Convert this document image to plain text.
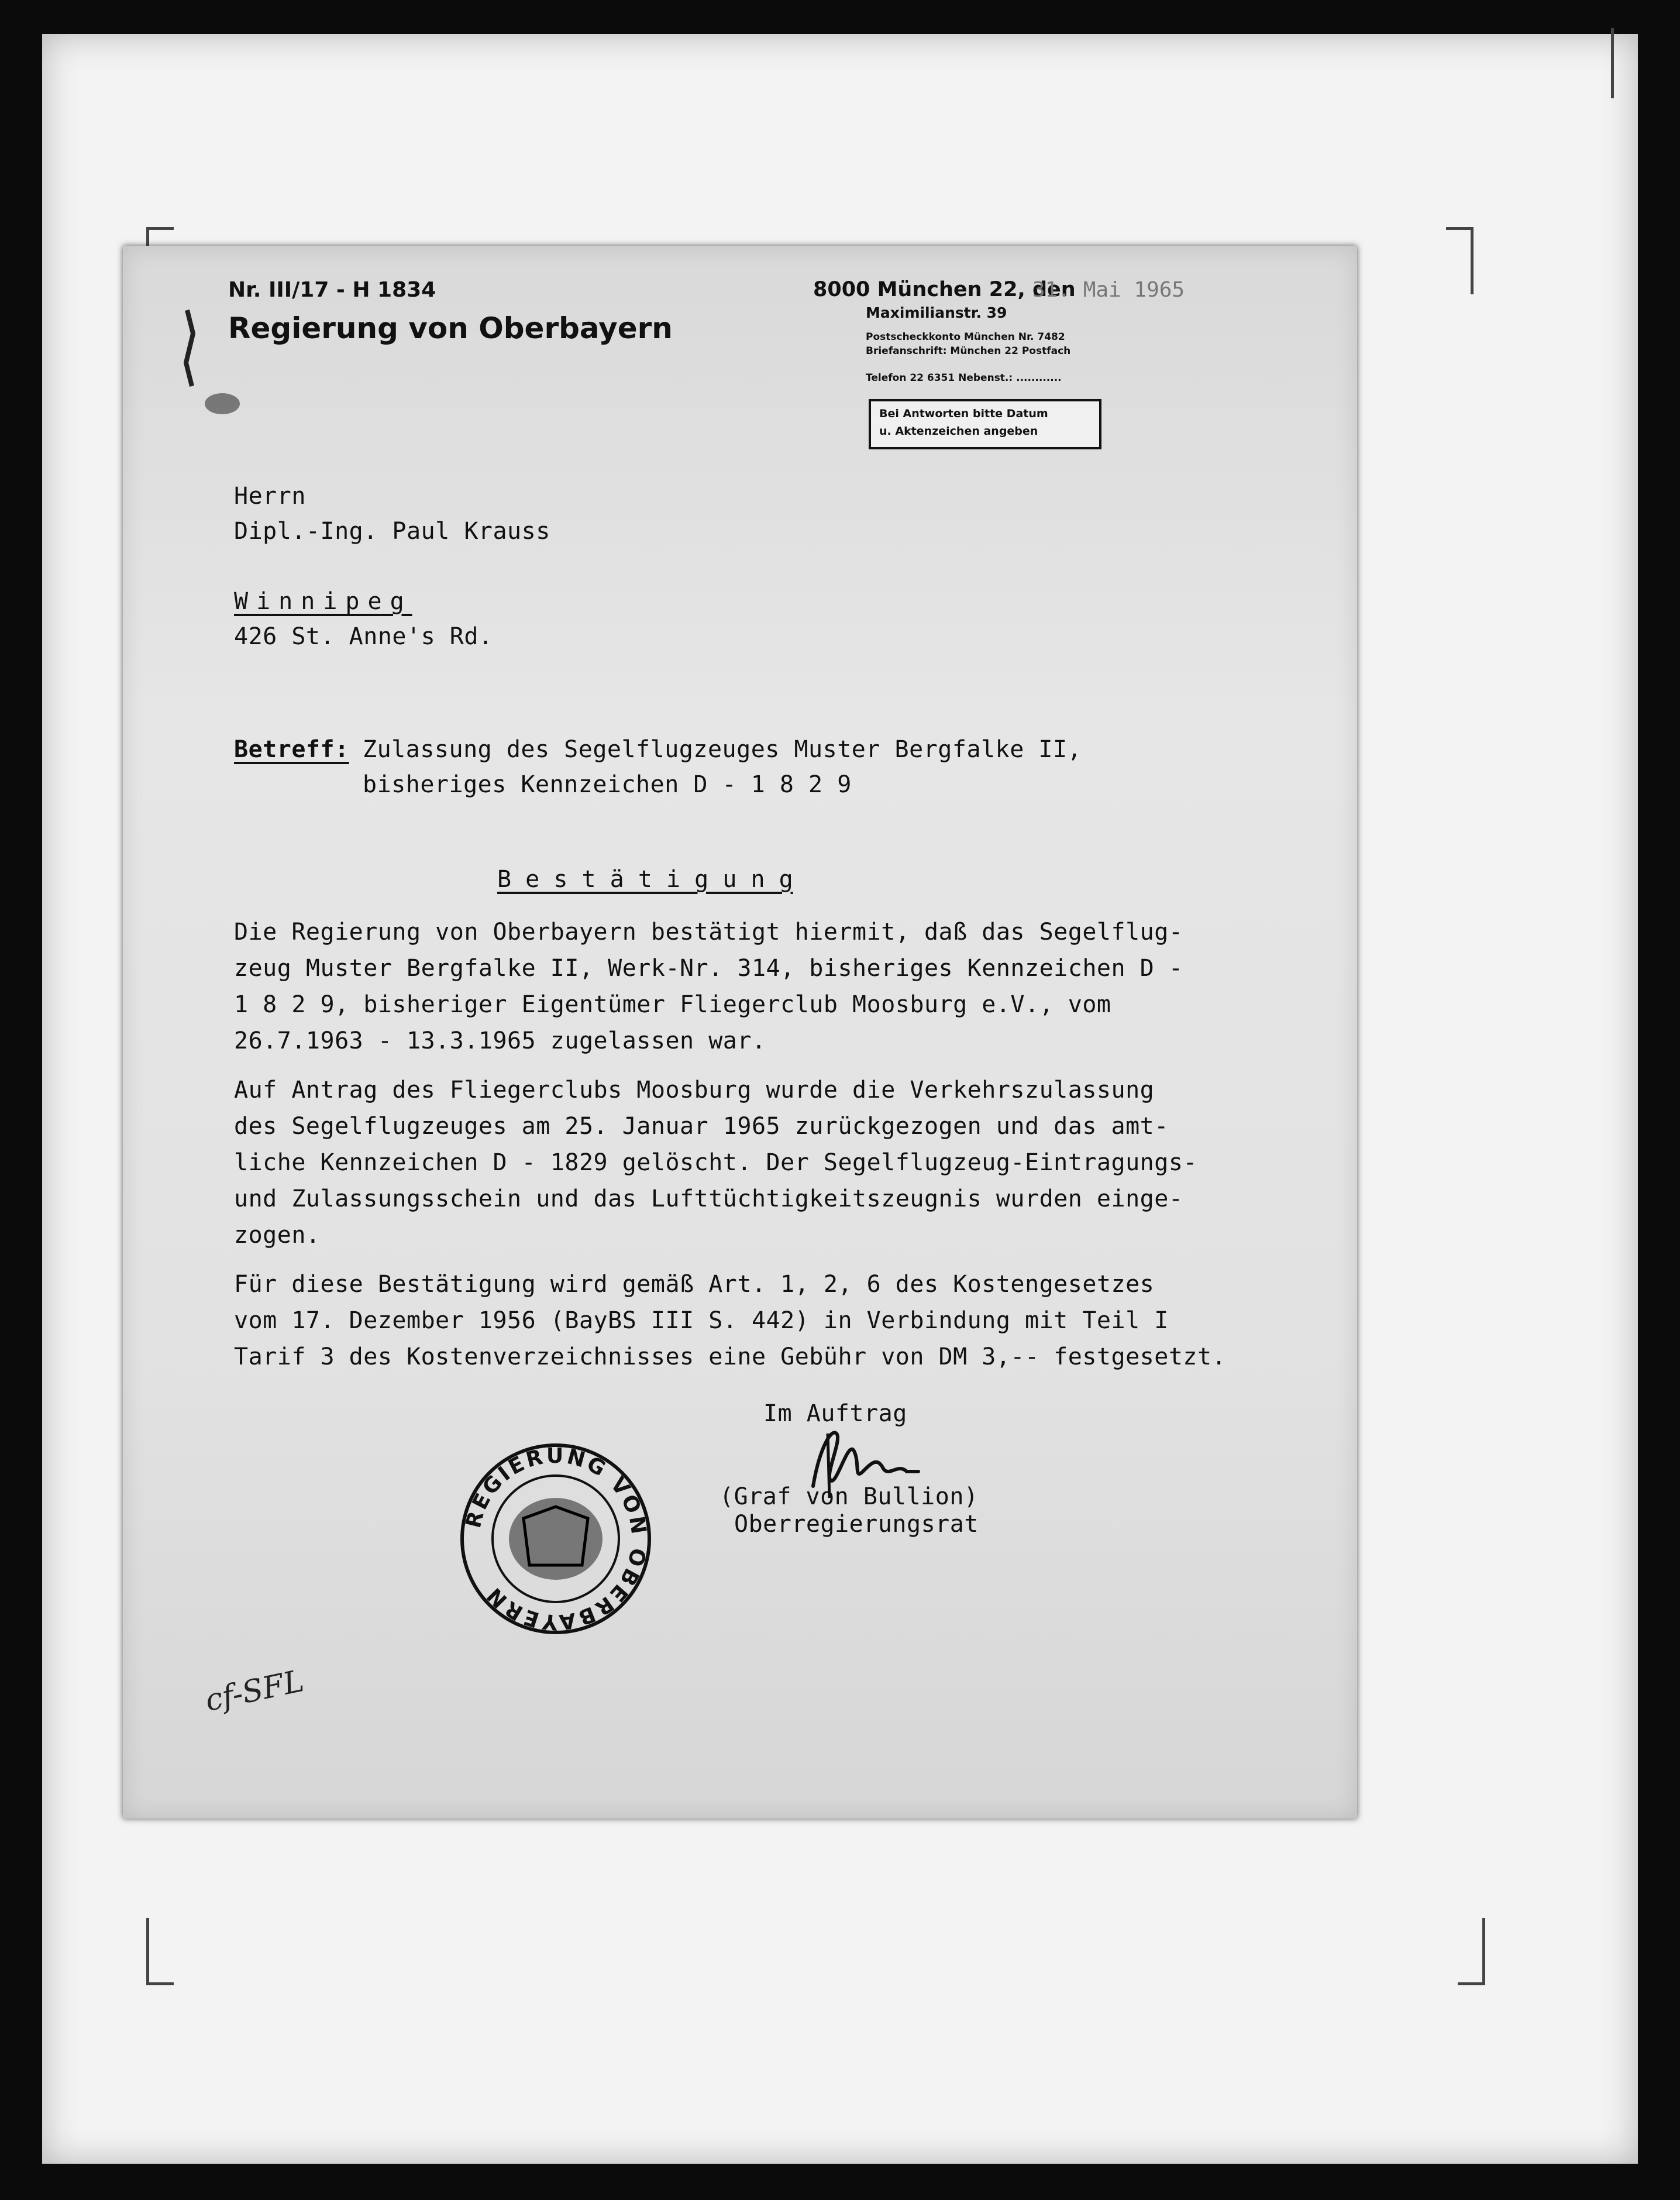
Nr. III/17 - H 1834
Regierung von Oberbayern
8000 München 22, den
31. Mai 1965
Maximilianstr. 39
Postscheckkonto München Nr. 7482
Briefanschrift: München 22 Postfach
Telefon 22 6351 Nebenst.: ............
Bei Antworten bitte Datum
u. Aktenzeichen angeben
Herrn
Dipl.-Ing. Paul Krauss
Winnipeg
426 St. Anne's Rd.
Betreff: Zulassung des Segelflugzeuges Muster Bergfalke II,
bisheriges Kennzeichen D - 1 8 2 9
B e s t ä t i g u n g
Die Regierung von Oberbayern bestätigt hiermit, daß das Segelflug-
zeug Muster Bergfalke II, Werk-Nr. 314, bisheriges Kennzeichen D -
1 8 2 9, bisheriger Eigentümer Fliegerclub Moosburg e.V., vom
26.7.1963 - 13.3.1965 zugelassen war.
Auf Antrag des Fliegerclubs Moosburg wurde die Verkehrszulassung
des Segelflugzeuges am 25. Januar 1965 zurückgezogen und das amt-
liche Kennzeichen D - 1829 gelöscht. Der Segelflugzeug-Eintragungs-
und Zulassungsschein und das Lufttüchtigkeitszeugnis wurden einge-
zogen.
Für diese Bestätigung wird gemäß Art. 1, 2, 6 des Kostengesetzes
vom 17. Dezember 1956 (BayBS III S. 442) in Verbindung mit Teil I
Tarif 3 des Kostenverzeichnisses eine Gebühr von DM 3,-- festgesetzt.
Im Auftrag
(Graf von Bullion)
Oberregierungsrat
REGIERUNG VON OBERBAYERN
cf-SFL
